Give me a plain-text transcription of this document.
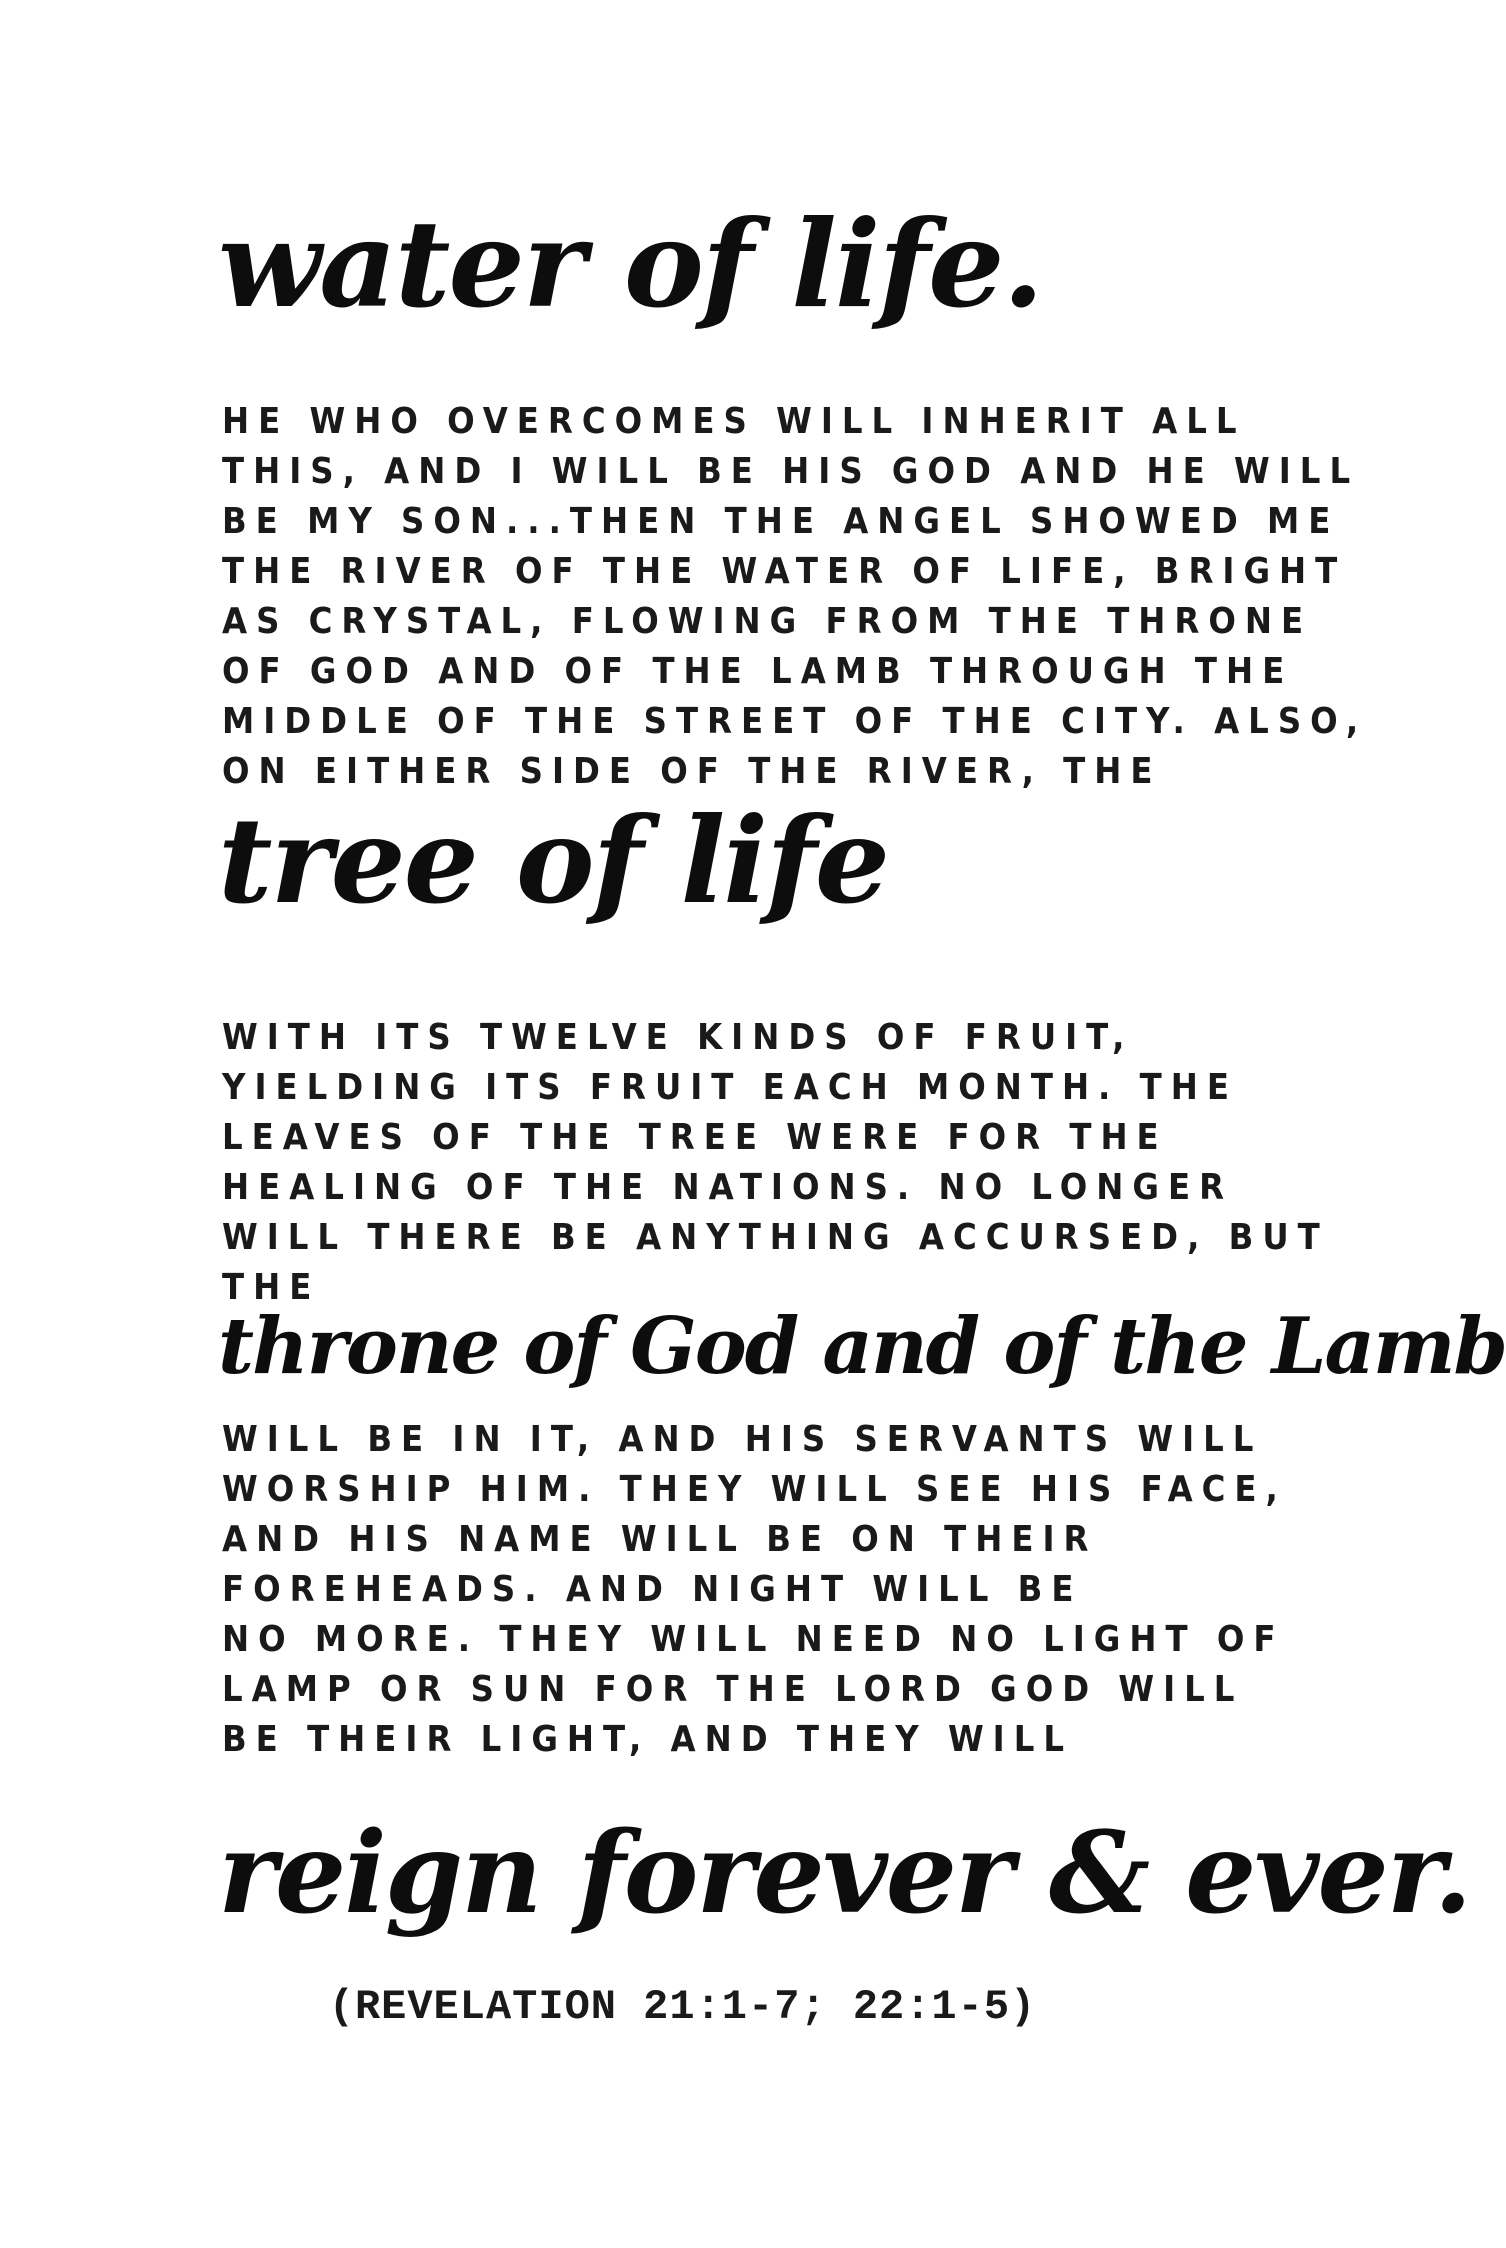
water of life.
HE WHO OVERCOMES WILL INHERIT ALL
THIS, AND I WILL BE HIS GOD AND HE WILL
BE MY SON...THEN THE ANGEL SHOWED ME
THE RIVER OF THE WATER OF LIFE, BRIGHT
AS CRYSTAL, FLOWING FROM THE THRONE
OF GOD AND OF THE LAMB THROUGH THE
MIDDLE OF THE STREET OF THE CITY. ALSO,
ON EITHER SIDE OF THE RIVER, THE
tree of life
WITH ITS TWELVE KINDS OF FRUIT,
YIELDING ITS FRUIT EACH MONTH. THE
LEAVES OF THE TREE WERE FOR THE
HEALING OF THE NATIONS. NO LONGER
WILL THERE BE ANYTHING ACCURSED, BUT
THE
throne of God and of the Lamb
WILL BE IN IT, AND HIS SERVANTS WILL
WORSHIP HIM. THEY WILL SEE HIS FACE,
AND HIS NAME WILL BE ON THEIR
FOREHEADS. AND NIGHT WILL BE
NO MORE. THEY WILL NEED NO LIGHT OF
LAMP OR SUN FOR THE LORD GOD WILL
BE THEIR LIGHT, AND THEY WILL
reign forever & ever.
(REVELATION 21:1-7; 22:1-5)
